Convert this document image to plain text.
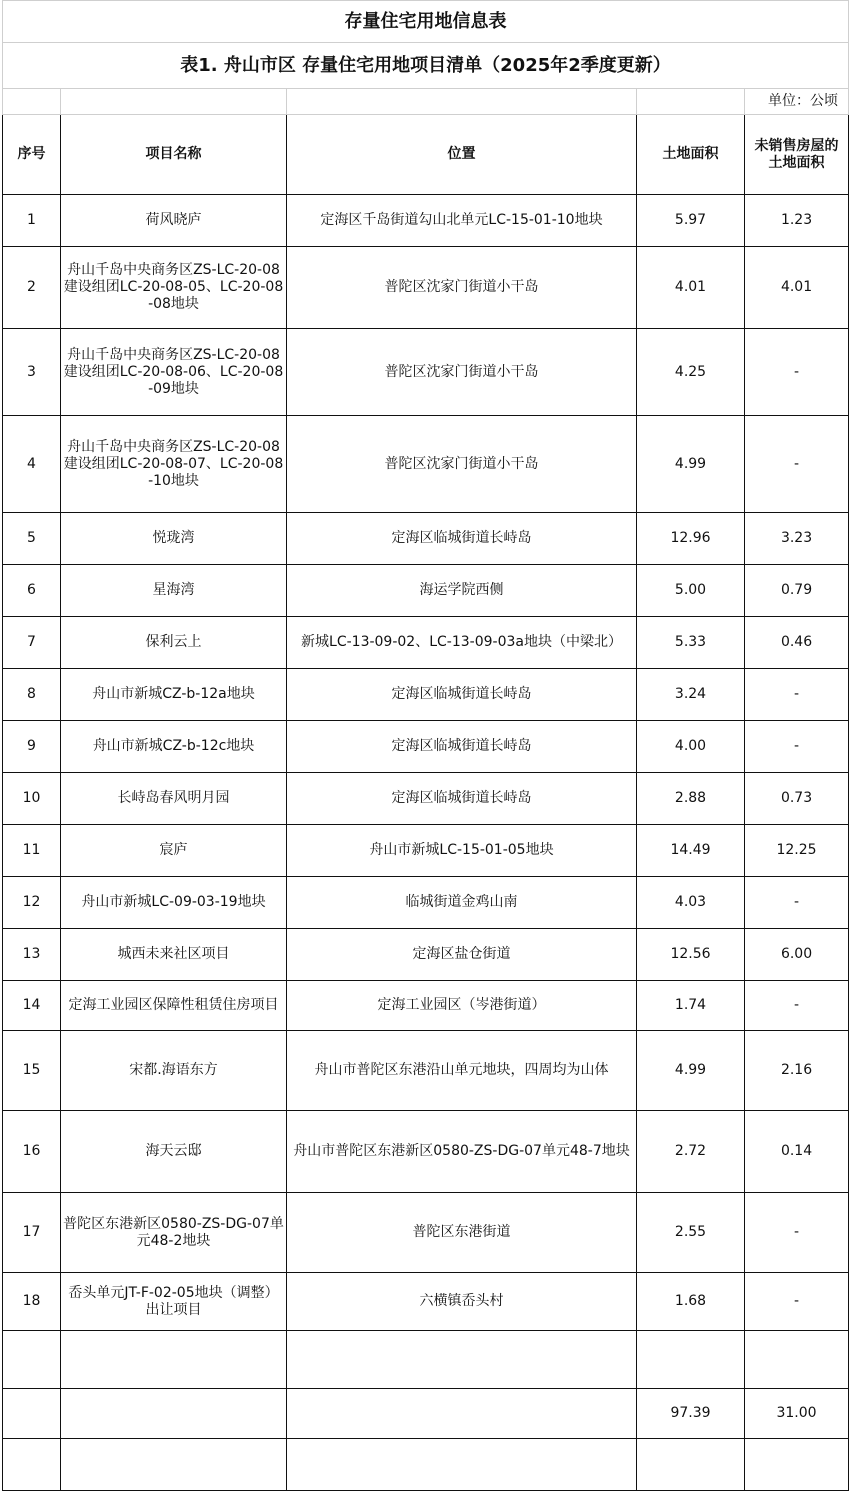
存量住宅用地信息表				
表1. 舟山市区 存量住宅用地项目清单（2025年2季度更新）				
				单位：公顷
序号	项目名称	位置	土地面积	未销售房屋的土地面积
1	荷风晓庐	定海区千岛街道勾山北单元LC-15-01-10地块	5.97	1.23
2	舟山千岛中央商务区ZS-LC-20-08建设组团LC-20-08-05、LC-20-08-08地块	普陀区沈家门街道小干岛	4.01	4.01
3	舟山千岛中央商务区ZS-LC-20-08建设组团LC-20-08-06、LC-20-08-09地块	普陀区沈家门街道小干岛	4.25	-
4	舟山千岛中央商务区ZS-LC-20-08建设组团LC-20-08-07、LC-20-08-10地块	普陀区沈家门街道小干岛	4.99	-
5	悦珑湾	定海区临城街道长峙岛	12.96	3.23
6	星海湾	海运学院西侧	5.00	0.79
7	保利云上	新城LC-13-09-02、LC-13-09-03a地块（中梁北）	5.33	0.46
8	舟山市新城CZ-b-12a地块	定海区临城街道长峙岛	3.24	-
9	舟山市新城CZ-b-12c地块	定海区临城街道长峙岛	4.00	-
10	长峙岛春风明月园	定海区临城街道长峙岛	2.88	0.73
11	宸庐	舟山市新城LC-15-01-05地块	14.49	12.25
12	舟山市新城LC-09-03-19地块	临城街道金鸡山南	4.03	-
13	城西未来社区项目	定海区盐仓街道	12.56	6.00
14	定海工业园区保障性租赁住房项目	定海工业园区（岑港街道）	1.74	-
15	宋都.海语东方	舟山市普陀区东港沿山单元地块，四周均为山体	4.99	2.16
16	海天云邸	舟山市普陀区东港新区0580-ZS-DG-07单元48-7地块	2.72	0.14
17	普陀区东港新区0580-ZS-DG-07单元48-2地块	普陀区东港街道	2.55	-
18	岙头单元JT-F-02-05地块（调整）出让项目	六横镇岙头村	1.68	-

			97.39	31.00
